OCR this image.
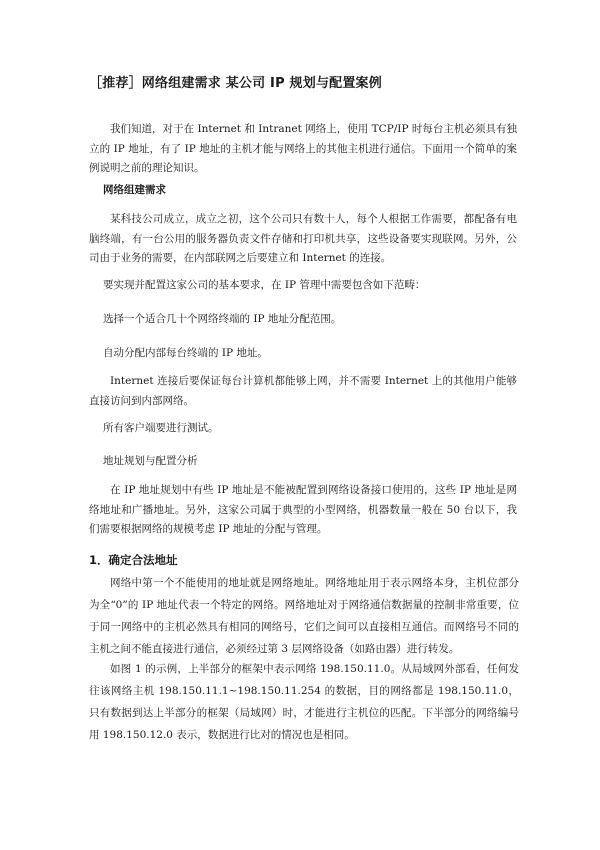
［推荐］网络组建需求 某公司 IP 规划与配置案例

我们知道，对于在 Internet 和 Intranet 网络上，使用 TCP/IP 时每台主机必须具有独立的 IP 地址，有了 IP 地址的主机才能与网络上的其他主机进行通信。下面用一个简单的案例说明之前的理论知识。

网络组建需求

某科技公司成立，成立之初，这个公司只有数十人，每个人根据工作需要，都配备有电脑终端，有一台公用的服务器负责文件存储和打印机共享，这些设备要实现联网。另外，公司由于业务的需要，在内部联网之后要建立和 Internet 的连接。

要实现并配置这家公司的基本要求，在 IP 管理中需要包含如下范畴：
选择一个适合几十个网络终端的 IP 地址分配范围。
自动分配内部每台终端的 IP 地址。

Internet 连接后要保证每台计算机都能够上网，并不需要 Internet 上的其他用户能够直接访问到内部网络。

所有客户端要进行测试。
地址规划与配置分析

在 IP 地址规划中有些 IP 地址是不能被配置到网络设备接口使用的，这些 IP 地址是网络地址和广播地址。另外，这家公司属于典型的小型网络，机器数量一般在 50 台以下，我们需要根据网络的规模考虑 IP 地址的分配与管理。

1．确定合法地址

网络中第一个不能使用的地址就是网络地址。网络地址用于表示网络本身，主机位部分为全“0”的 IP 地址代表一个特定的网络。网络地址对于网络通信数据量的控制非常重要，位于同一网络中的主机必然具有相同的网络号，它们之间可以直接相互通信。而网络号不同的主机之间不能直接进行通信，必须经过第 3 层网络设备（如路由器）进行转发。

如图 1 的示例，上半部分的框架中表示网络 198.150.11.0。从局域网外部看，任何发往该网络主机 198.150.11.1~198.150.11.254 的数据，目的网络都是 198.150.11.0，只有数据到达上半部分的框架（局域网）时，才能进行主机位的匹配。下半部分的网络编号用 198.150.12.0 表示，数据进行比对的情况也是相同。
